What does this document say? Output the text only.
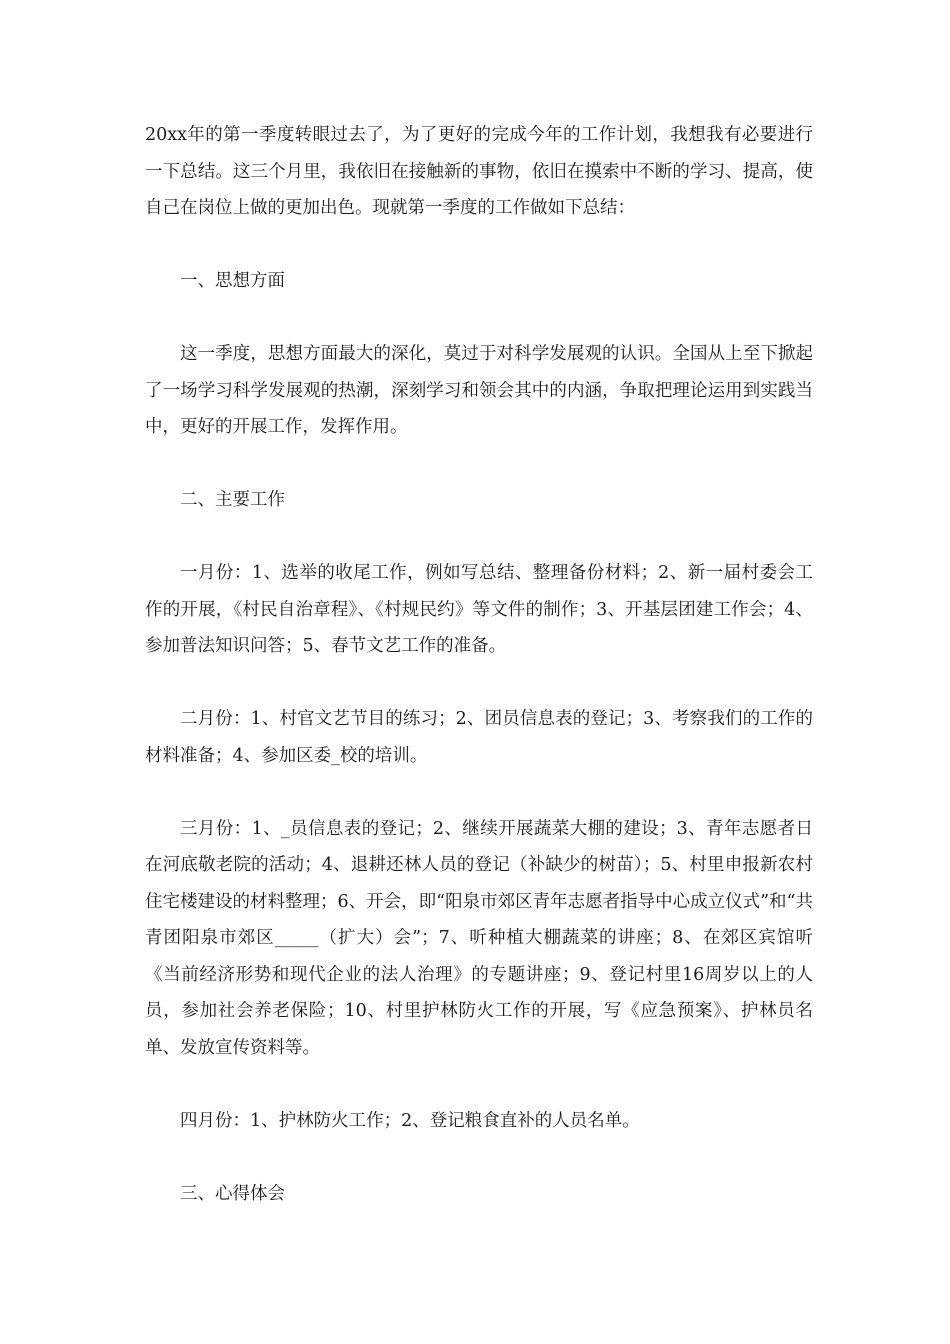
20xx年的第一季度转眼过去了，为了更好的完成今年的工作计划，我想我有必要进行一下总结。这三个月里，我依旧在接触新的事物，依旧在摸索中不断的学习、提高，使自己在岗位上做的更加出色。现就第一季度的工作做如下总结：

一、思想方面

这一季度，思想方面最大的深化，莫过于对科学发展观的认识。全国从上至下掀起了一场学习科学发展观的热潮，深刻学习和领会其中的内涵，争取把理论运用到实践当中，更好的开展工作，发挥作用。

二、主要工作

一月份：1、选举的收尾工作，例如写总结、整理备份材料；2、新一届村委会工作的开展，《村民自治章程》、《村规民约》等文件的制作；3、开基层团建工作会；4、参加普法知识问答；5、春节文艺工作的准备。

二月份：1、村官文艺节目的练习；2、团员信息表的登记；3、考察我们的工作的材料准备；4、参加区委_校的培训。

三月份：1、_员信息表的登记；2、继续开展蔬菜大棚的建设；3、青年志愿者日在河底敬老院的活动；4、退耕还林人员的登记（补缺少的树苗）；5、村里申报新农村住宅楼建设的材料整理；6、开会，即“阳泉市郊区青年志愿者指导中心成立仪式”和“共青团阳泉市郊区_____（扩大）会”；7、听种植大棚蔬菜的讲座；8、在郊区宾馆听《当前经济形势和现代企业的法人治理》的专题讲座；9、登记村里16周岁以上的人员，参加社会养老保险；10、村里护林防火工作的开展，写《应急预案》、护林员名单、发放宣传资料等。

四月份：1、护林防火工作；2、登记粮食直补的人员名单。

三、心得体会
